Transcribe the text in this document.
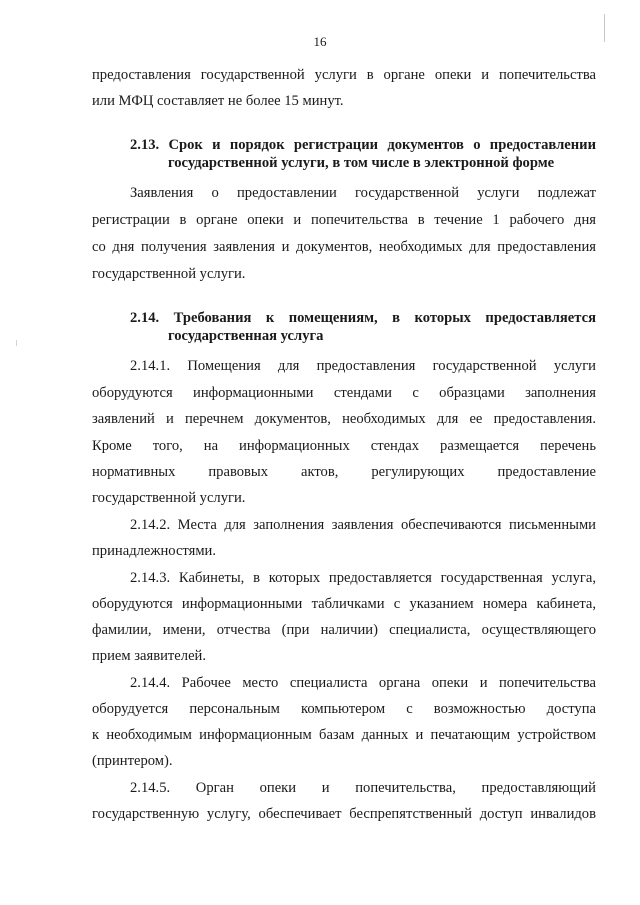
16
предоставления государственной услуги в органе опеки и попечительства
или МФЦ составляет не более 15 минут.
2.13. Срок и порядок регистрации документов о предоставлении
государственной услуги, в том числе в электронной форме
Заявления о предоставлении государственной услуги подлежат
регистрации в органе опеки и попечительства в течение 1 рабочего дня
со дня получения заявления и документов, необходимых для предоставления
государственной услуги.
2.14. Требования к помещениям, в которых предоставляется
государственная услуга
2.14.1. Помещения для предоставления государственной услуги
оборудуются информационными стендами с образцами заполнения
заявлений и перечнем документов, необходимых для ее предоставления.
Кроме того, на информационных стендах размещается перечень
нормативных правовых актов, регулирующих предоставление
государственной услуги.
2.14.2. Места для заполнения заявления обеспечиваются письменными
принадлежностями.
2.14.3. Кабинеты, в которых предоставляется государственная услуга,
оборудуются информационными табличками с указанием номера кабинета,
фамилии, имени, отчества (при наличии) специалиста, осуществляющего
прием заявителей.
2.14.4. Рабочее место специалиста органа опеки и попечительства
оборудуется персональным компьютером с возможностью доступа
к необходимым информационным базам данных и печатающим устройством
(принтером).
2.14.5. Орган опеки и попечительства, предоставляющий
государственную услугу, обеспечивает беспрепятственный доступ инвалидов
